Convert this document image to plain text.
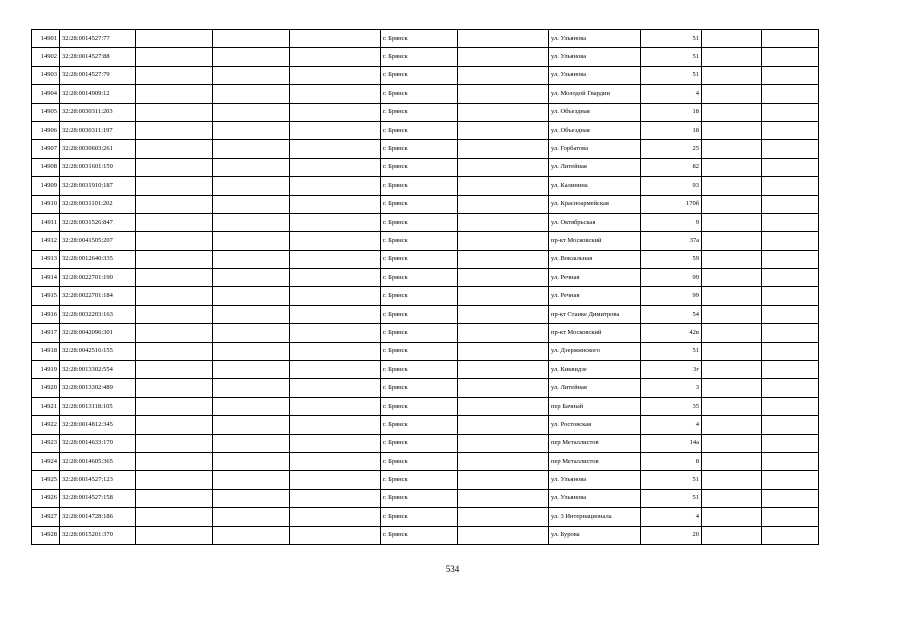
14901	32:28:0014527:77				г. Брянск		ул. Ульянова	51		
14902	32:28:0014527:88				г. Брянск		ул. Ульянова	51		
14903	32:28:0014527:79				г. Брянск		ул. Ульянова	51		
14904	32:28:0014909:12				г. Брянск		ул. Молодой Гвардии	4		
14905	32:28:0030311:203				г. Брянск		ул. Объездная	18		
14906	32:28:0030311:197				г. Брянск		ул. Объездная	18		
14907	32:28:0030603:261				г. Брянск		ул. Горбатова	25		
14908	32:28:0031601:159				г. Брянск		ул. Литейная	82		
14909	32:28:0031910:187				г. Брянск		ул. Калинина	93		
14910	32:28:0031101:202				г. Брянск		ул. Красноармейская	170б		
14911	32:28:0031526:847				г. Брянск		ул. Октябрьская	9		
14912	32:28:0041505:207				г. Брянск		пр-кт Московский	37а		
14913	32:28:0012640:335				г. Брянск		ул. Вокзальная	59		
14914	32:28:0022701:190				г. Брянск		ул. Речная	99		
14915	32:28:0022701:184				г. Брянск		ул. Речная	99		
14916	32:28:0032203:163				г. Брянск		пр-кт Станке Димитрова	54		
14917	32:28:0042096:301				г. Брянск		пр-кт Московский	42в		
14918	32:28:0042516:155				г. Брянск		ул. Дзержинского	51		
14919	32:28:0013302:554				г. Брянск		ул. Киквидзе	3г		
14920	32:28:0013302:489				г. Брянск		ул. Литейная	3		
14921	32:28:0013118:105				г. Брянск		пер Бачный	35		
14922	32:28:0014812:345				г. Брянск		ул. Ростовская	4		
14923	32:28:0014633:170				г. Брянск		пер Металлистов	14а		
14924	32:28:0014605:365				г. Брянск		пер Металлистов	8		
14925	32:28:0014527:123				г. Брянск		ул. Ульянова	51		
14926	32:28:0014527:158				г. Брянск		ул. Ульянова	51		
14927	32:28:0014728:186				г. Брянск		ул. 3 Интернационала	4		
14928	32:28:0015201:370				г. Брянск		ул. Бурова	20		
534
